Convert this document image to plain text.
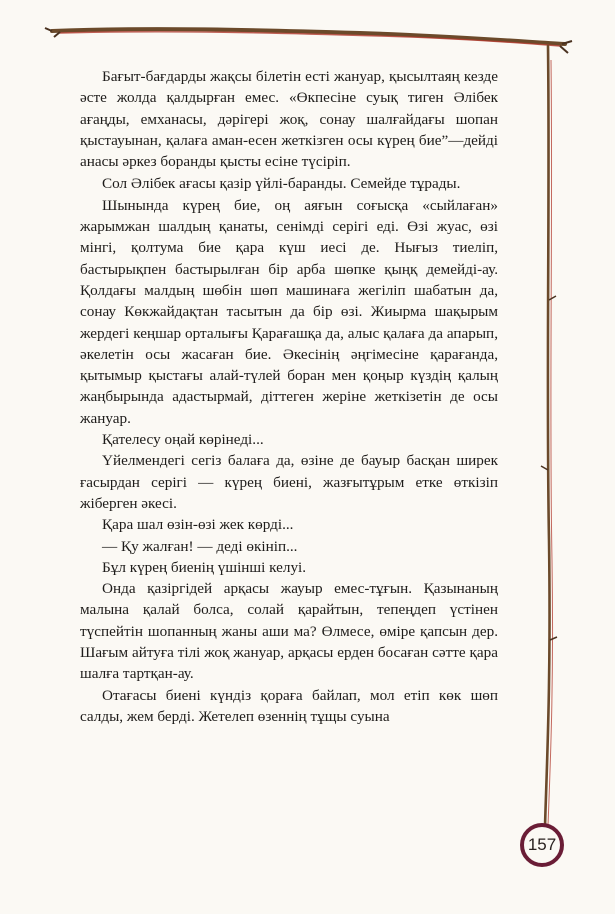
Бағыт-бағдарды жақсы білетін есті жануар, қысылтаяң кезде әсте жолда қалдырған емес. «Өкпесіне суық тиген Әлібек ағаңды, емханасы, дәрігері жоқ, сонау шалғайдағы шопан қыстауынан, қалаға аман-есен жеткізген осы күрең бие”—дейді анасы әркез боранды қысты есіне түсіріп.

Сол Әлібек ағасы қазір үйлі-баранды. Семейде тұрады.

Шынында күрең бие, оң аяғын соғысқа «сыйлаған» жарымжан шалдың қанаты, сенімді серігі еді. Өзі жуас, өзі мінгі, қолтума бие қара күш иесі де. Нығыз тиеліп, бастырықпен бастырылған бір арба шөпке қыңқ демейді-ау. Қолдағы малдың шөбін шөп машинаға жегіліп шабатын да, сонау Көкжайдақтан тасытын да бір өзі. Жиырма шақырым жердегі кеңшар орталығы Қарағашқа да, алыс қалаға да апарып, әкелетін осы жасаған бие. Әкесінің әңгімесіне қарағанда, қытымыр қыстағы алай-түлей боран мен қоңыр күздің қалың жаңбырында адастырмай, діттеген жеріне жеткізетін де осы жануар.

Қателесу оңай көрінеді...

Үйелмендегі сегіз балаға да, өзіне де бауыр басқан ширек ғасырдан серігі — күрең биені, жазғытұрым етке өткізіп жіберген әкесі.

Қара шал өзін-өзі жек көрді...

— Қу жалған! — деді өкініп...

Бұл күрең биенің үшінші келуі.

Онда қазіргідей арқасы жауыр емес-тұғын. Қазынаның малына қалай болса, солай қарайтын, тепеңдеп үстінен түспейтін шопанның жаны аши ма? Өлмесе, өміре қапсын дер. Шағым айтуға тілі жоқ жануар, арқасы ерден босаған сәтте қара шалға тартқан-ау.

Отағасы биені күндіз қораға байлап, мол етіп көк шөп салды, жем берді. Жетелеп өзеннің тұщы суына

157
